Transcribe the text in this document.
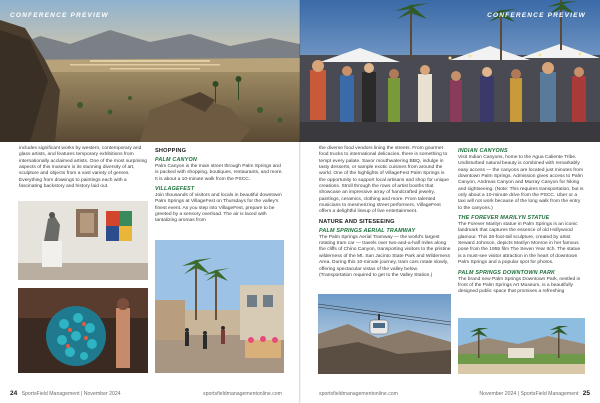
CONFERENCE PREVIEW

includes significant works by western, contemporary and glass artists, and features temporary exhibitions from internationally acclaimed artists. One of the most surprising aspects of this museum is its stunning diversity of art, sculpture and objects from a vast variety of genres. Everything from drawings to paintings each with a fascinating backstory and history laid out.

SHOPPING
PALM CANYON

Palm Canyon is the main street through Palm Springs and is packed with shopping, boutiques, restaurants, and more. It is about a 10-minute walk from the PSCC.

VILLAGEFEST

Join thousands of visitors and locals in beautiful downtown Palm Springs at VillageFest on Thursdays for the valley's finest event. As you step into VillageFest, prepare to be greeted by a sensory overload. The air is laced with tantalizing aromas from

24 SportsField Management | November 2024	sportsfieldmanagementonline.com
CONFERENCE PREVIEW

the diverse food vendors lining the streets. From gourmet food trucks to international delicacies, there is something to tempt every palate. Savor mouthwatering BBQ, indulge in tasty desserts, or sample exotic cuisines from around the world. One of the highlights of VillageFest Palm Springs is the opportunity to support local artisans and shop for unique creations. Stroll through the rows of artist booths that showcase an impressive array of handcrafted jewelry, paintings, ceramics, clothing and more. From talented musicians to mesmerizing street performers, VillageFest offers a delightful lineup of live entertainment.

NATURE AND SITESEEING
PALM SPRINGS AERIAL TRAMWAY

The Palm Springs Aerial Tramway — the world's largest rotating tram car — travels over two-and-a-half miles along the cliffs of Chino Canyon, transporting visitors to the pristine wilderness of the Mt. San Jacinto State Park and Wilderness Area. During this 10-minute journey, tram cars rotate slowly, offering spectacular vistas of the valley below. (Transportation required to get to the Valley Station.)

INDIAN CANYONS

Visit Indian Canyons, home to the Agua Caliente Tribe. Undisturbed natural beauty is combined with remarkably easy access — the canyons are located just minutes from downtown Palm Springs. Admission gives access to Palm Canyon, Andreas Canyon and Murray Canyon for hiking and sightseeing. (Note: This requires transportation, but is only about a 10-minute drive from the PSCC. Uber or a taxi will not work because of the long walk from the entry to the canyons.)

THE FOREVER MARILYN STATUE

The Forever Marilyn statue in Palm Springs is an iconic landmark that captures the essence of old Hollywood glamour. This 26-foot-tall sculpture, created by artist Seward Johnson, depicts Marilyn Monroe in her famous pose from the 1955 film The Seven Year Itch. The statue is a must-see visitor attraction in the heart of downtown Palm Springs and a popular spot for photos.

PALM SPRINGS DOWNTOWN PARK

The brand new Palm Springs Downtown Park, nestled in front of the Palm Springs Art Museum, is a beautifully designed public space that promises a refreshing

sportsfieldmanagementonline.com	November 2024 | SportsField Management 25
